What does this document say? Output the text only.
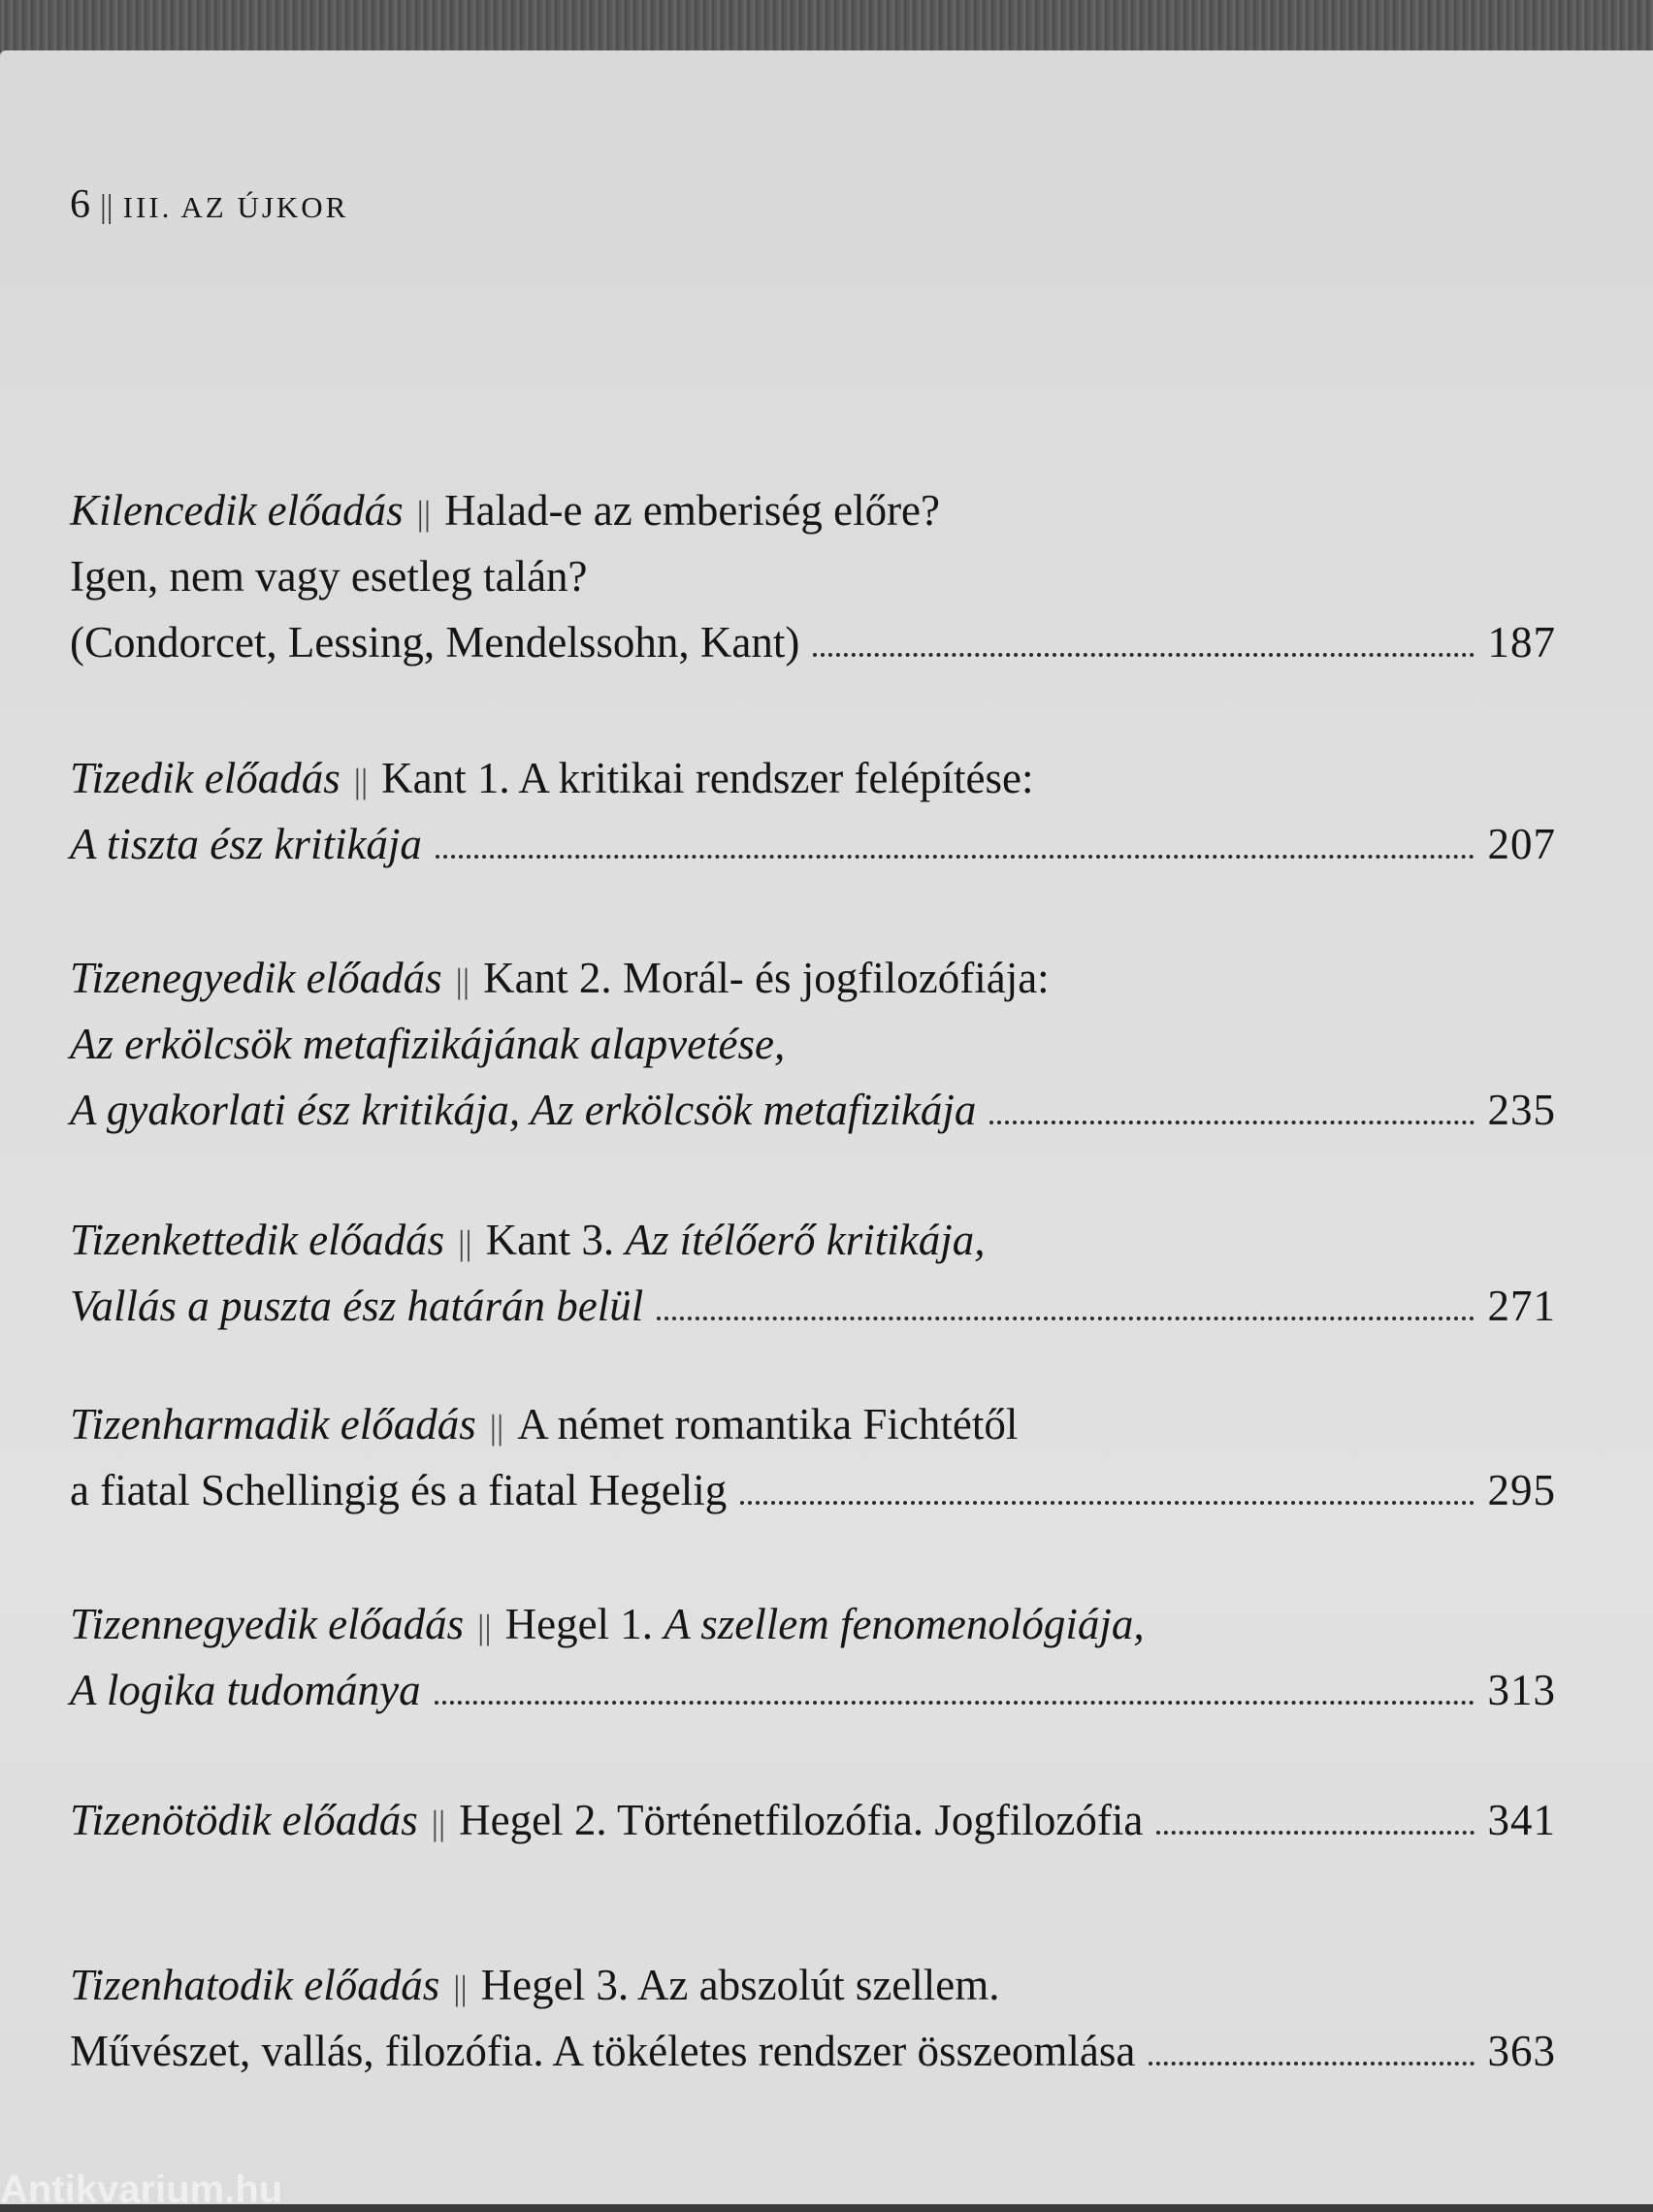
6 || III. AZ ÚJKOR
Kilencedik előadás || Halad-e az emberiség előre?
Igen, nem vagy esetleg talán?
(Condorcet, Lessing, Mendelssohn, Kant)	187
Tizedik előadás || Kant 1. A kritikai rendszer felépítése:
A tiszta ész kritikája	207
Tizenegyedik előadás || Kant 2. Morál- és jogfilozófiája:
Az erkölcsök metafizikájának alapvetése,
A gyakorlati ész kritikája, Az erkölcsök metafizikája	235
Tizenkettedik előadás || Kant 3.
Az ítélőerő kritikája,
Vallás a puszta ész határán belül	271
Tizenharmadik előadás || A német romantika Fichtétől
a fiatal Schellingig és a fiatal Hegelig	295
Tizennegyedik előadás || Hegel 1.
A szellem fenomenológiája,
A logika tudománya	313
Tizenötödik előadás || Hegel 2. Történetfilozófia. Jogfilozófia	341
Tizenhatodik előadás || Hegel 3. Az abszolút szellem.
Művészet, vallás, filozófia. A tökéletes rendszer összeomlása	363
Antikvarium.hu
